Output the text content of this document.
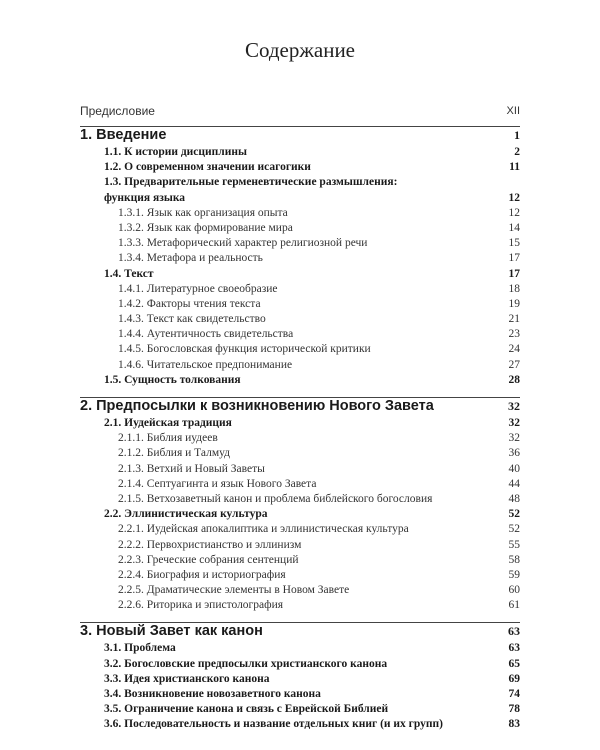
Содержание
Предисловие	XII
1. Введение	1
1.1. К истории дисциплины	2
1.2. О современном значении исагогики	11
1.3. Предварительные герменевтические размышления:
функция языка	12
1.3.1. Язык как организация опыта	12
1.3.2. Язык как формирование мира	14
1.3.3. Метафорический характер религиозной речи	15
1.3.4. Метафора и реальность	17
1.4. Текст	17
1.4.1. Литературное своеобразие	18
1.4.2. Факторы чтения текста	19
1.4.3. Текст как свидетельство	21
1.4.4. Аутентичность свидетельства	23
1.4.5. Богословская функция исторической критики	24
1.4.6. Читательское предпонимание	27
1.5. Сущность толкования	28
2. Предпосылки к возникновению Нового Завета	32
2.1. Иудейская традиция	32
2.1.1. Библия иудеев	32
2.1.2. Библия и Талмуд	36
2.1.3. Ветхий и Новый Заветы	40
2.1.4. Септуагинта и язык Нового Завета	44
2.1.5. Ветхозаветный канон и проблема библейского богословия	48
2.2. Эллинистическая культура	52
2.2.1. Иудейская апокалиптика и эллинистическая культура	52
2.2.2. Первохристианство и эллинизм	55
2.2.3. Греческие собрания сентенций	58
2.2.4. Биография и историография	59
2.2.5. Драматические элементы в Новом Завете	60
2.2.6. Риторика и эпистолография	61
3. Новый Завет как канон	63
3.1. Проблема	63
3.2. Богословские предпосылки христианского канона	65
3.3. Идея христианского канона	69
3.4. Возникновение новозаветного канона	74
3.5. Ограничение канона и связь с Еврейской Библией	78
3.6. Последовательность и название отдельных книг (и их групп)	83
